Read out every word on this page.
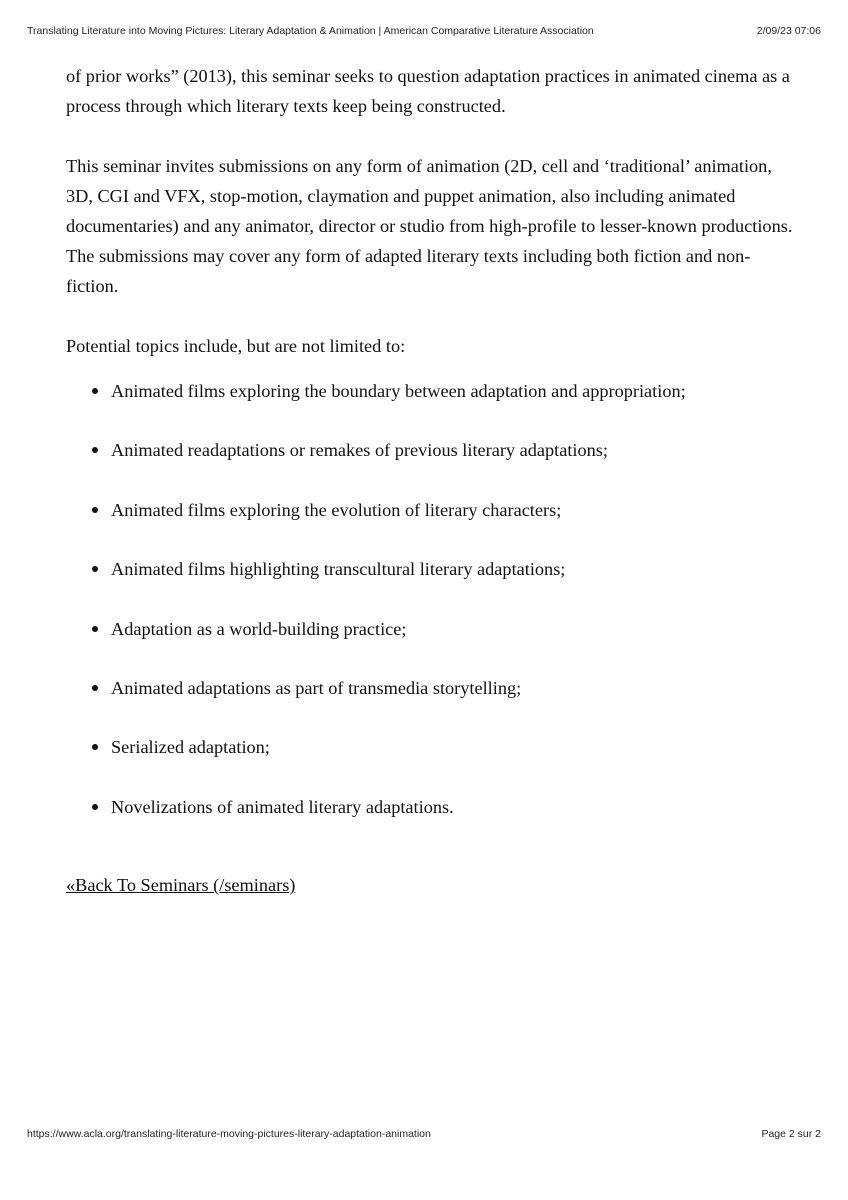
Translating Literature into Moving Pictures: Literary Adaptation & Animation | American Comparative Literature Association	2/09/23 07:06

of prior works” (2013), this seminar seeks to question adaptation practices in animated cinema as a process through which literary texts keep being constructed.

This seminar invites submissions on any form of animation (2D, cell and ‘traditional’ animation, 3D, CGI and VFX, stop-motion, claymation and puppet animation, also including animated documentaries) and any animator, director or studio from high-profile to lesser-known productions. The submissions may cover any form of adapted literary texts including both fiction and non-fiction.

Potential topics include, but are not limited to:

Animated films exploring the boundary between adaptation and appropriation;
Animated readaptations or remakes of previous literary adaptations;
Animated films exploring the evolution of literary characters;
Animated films highlighting transcultural literary adaptations;
Adaptation as a world-building practice;
Animated adaptations as part of transmedia storytelling;
Serialized adaptation;
Novelizations of animated literary adaptations.
«Back To Seminars (/seminars)
https://www.acla.org/translating-literature-moving-pictures-literary-adaptation-animation	Page 2 sur 2
